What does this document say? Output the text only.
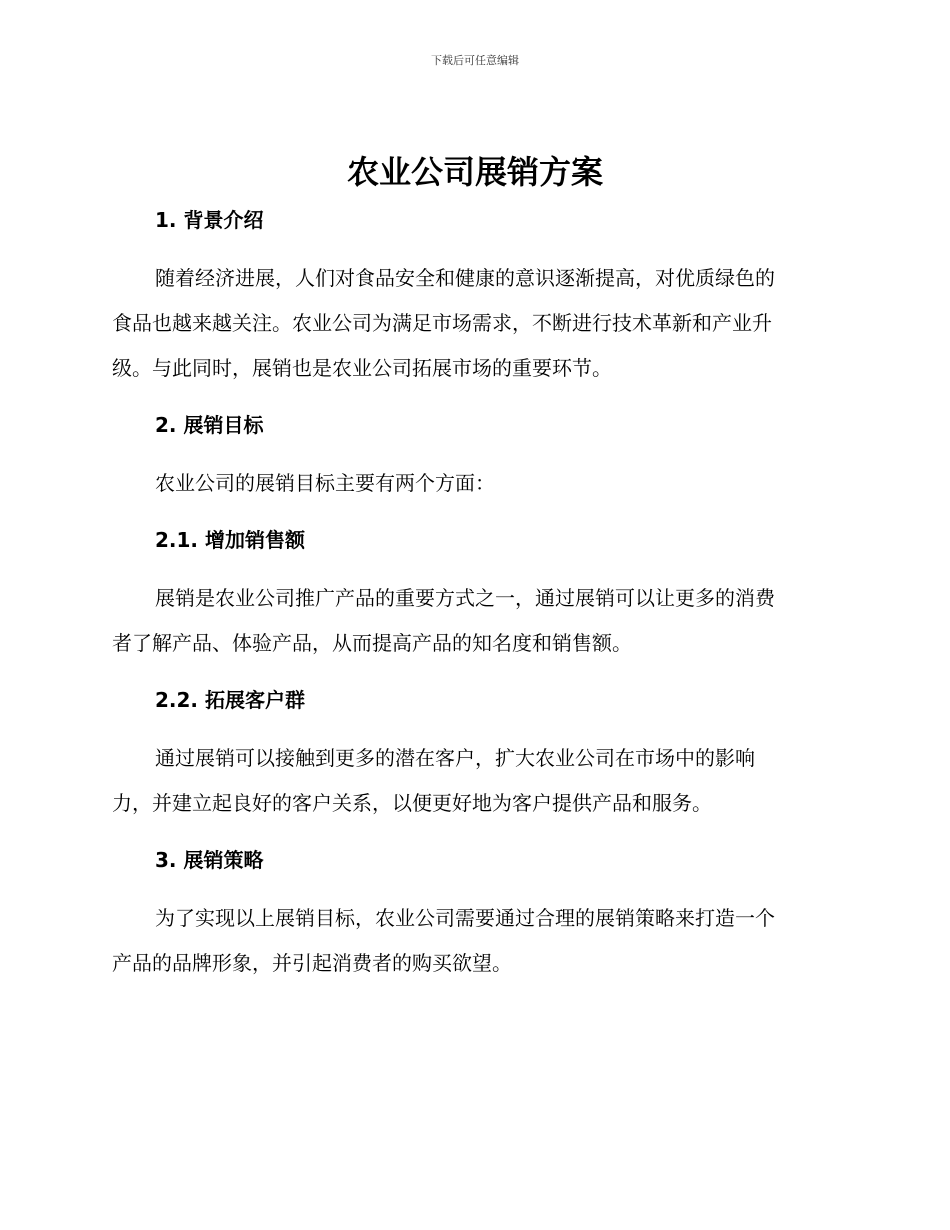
下载后可任意编辑
农业公司展销方案
1. 背景介绍

随着经济进展，人们对食品安全和健康的意识逐渐提高，对优质绿色的
食品也越来越关注。农业公司为满足市场需求，不断进行技术革新和产业升
级。与此同时，展销也是农业公司拓展市场的重要环节。

2. 展销目标

农业公司的展销目标主要有两个方面：

2.1. 增加销售额

展销是农业公司推广产品的重要方式之一，通过展销可以让更多的消费
者了解产品、体验产品，从而提高产品的知名度和销售额。

2.2. 拓展客户群

通过展销可以接触到更多的潜在客户，扩大农业公司在市场中的影响
力，并建立起良好的客户关系，以便更好地为客户提供产品和服务。

3. 展销策略

为了实现以上展销目标，农业公司需要通过合理的展销策略来打造一个
产品的品牌形象，并引起消费者的购买欲望。
